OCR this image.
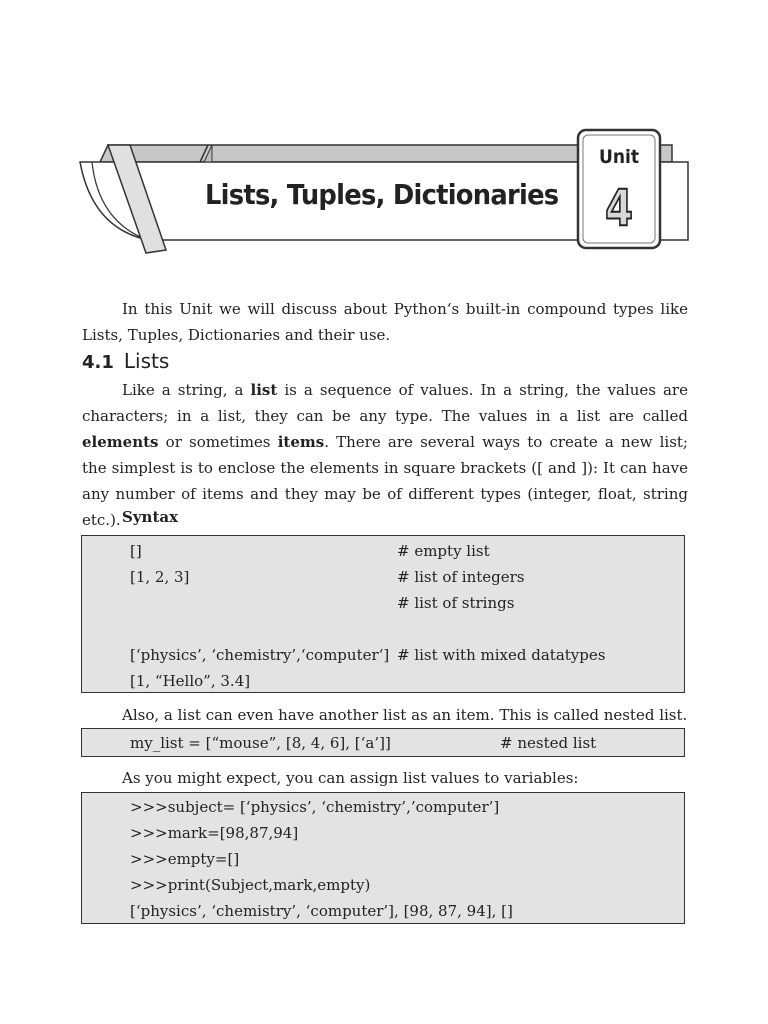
Lists, Tuples, Dictionaries
Unit
4

In this Unit we will discuss about Python‘s built-in compound types like Lists, Tuples, Dictionaries and their use.

4.1 Lists

Like a string, a list is a sequence of values. In a string, the values are characters; in a list, they can be any type. The values in a list are called elements or sometimes items. There are several ways to create a new list; the simplest is to enclose the elements in square brackets ([ and ]): It can have any number of items and they may be of different types (integer, float, string etc.). Syntax
[]
[1, 2, 3]
[‘physics’, ‘chemistry’,‘computer‘]
[1, “Hello”, 3.4]
# empty list
# list of integers
# list of strings
# list with mixed datatypes

Also, a list can even have another list as an item. This is called nested list.

my_list = [“mouse”, [8, 4, 6], [‘a’]]	# nested list

As you might expect, you can assign list values to variables:

>>>subject= [‘physics’, ‘chemistry’,’computer’]
>>>mark=[98,87,94]
>>>empty=[]
>>>print(Subject,mark,empty)
[‘physics’, ‘chemistry’, ‘computer’], [98, 87, 94], []
